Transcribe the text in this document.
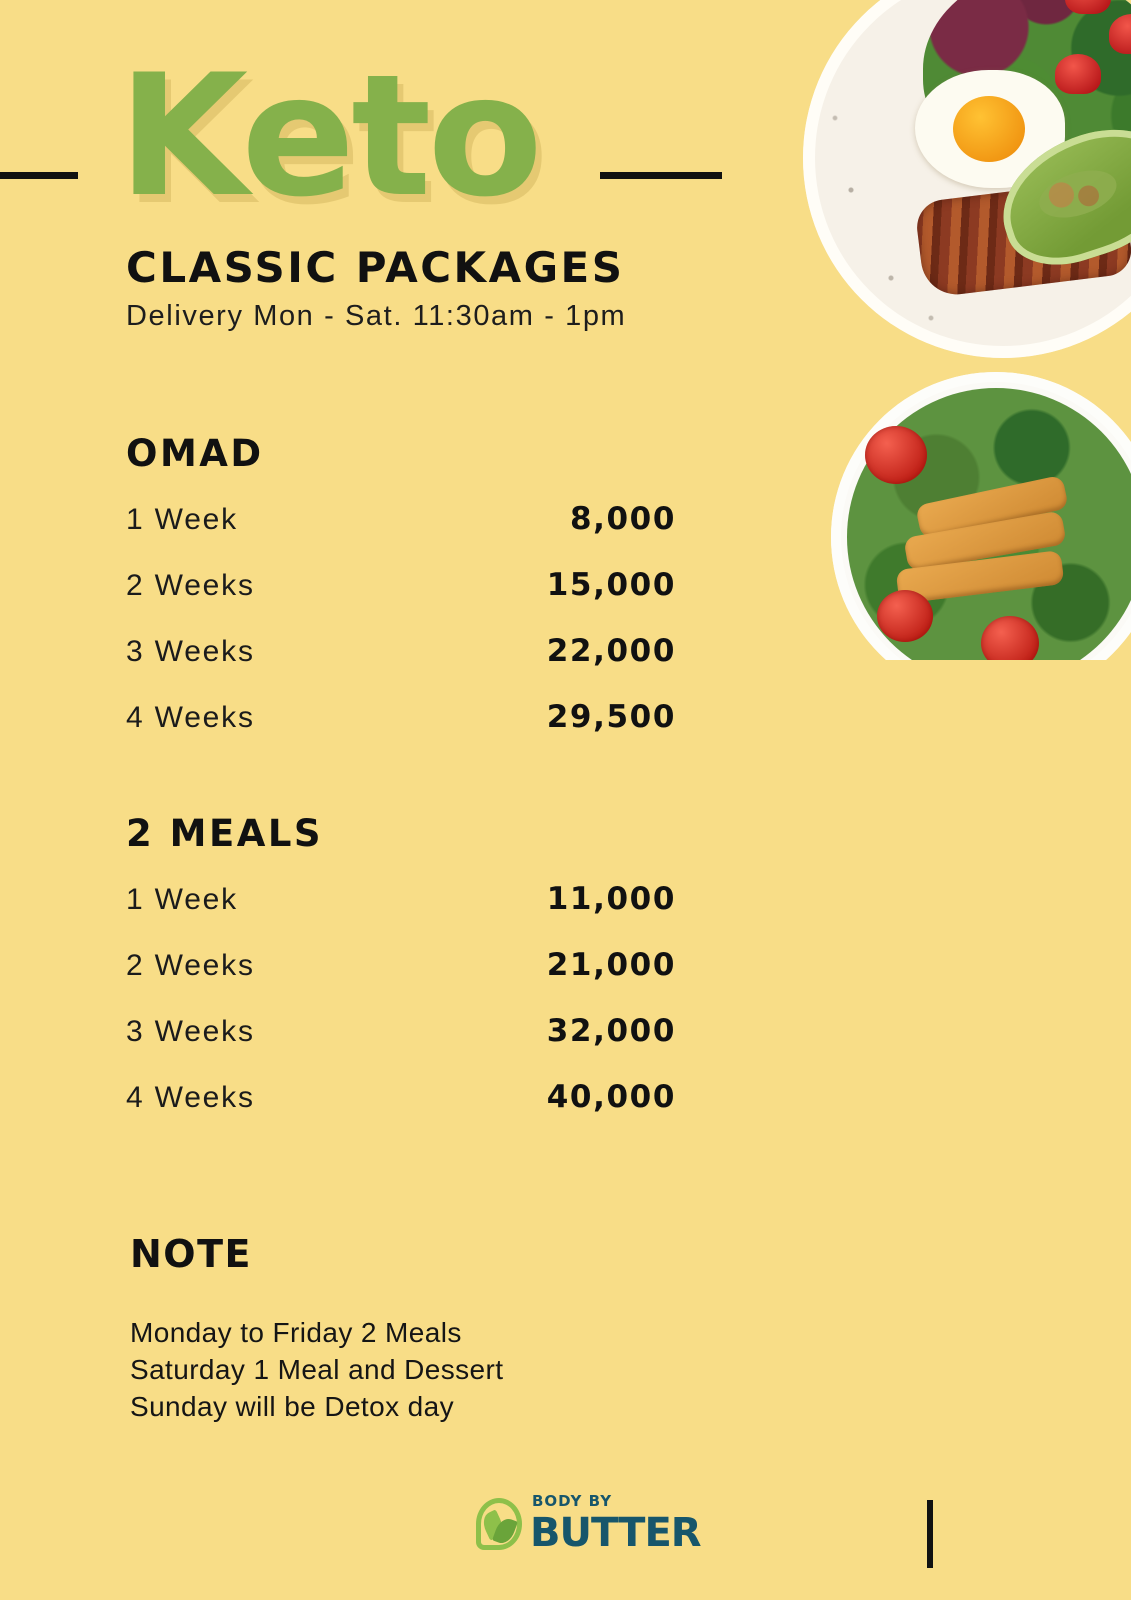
Keto
CLASSIC PACKAGES
Delivery Mon - Sat. 11:30am - 1pm
OMAD
1 Week	8,000
2 Weeks	15,000
3 Weeks	22,000
4 Weeks	29,500
2 MEALS
1 Week	11,000
2 Weeks	21,000
3 Weeks	32,000
4 Weeks	40,000
NOTE
Monday to Friday 2 Meals
Saturday 1 Meal and Dessert
Sunday will be Detox day
BODY BY
BUTTER
